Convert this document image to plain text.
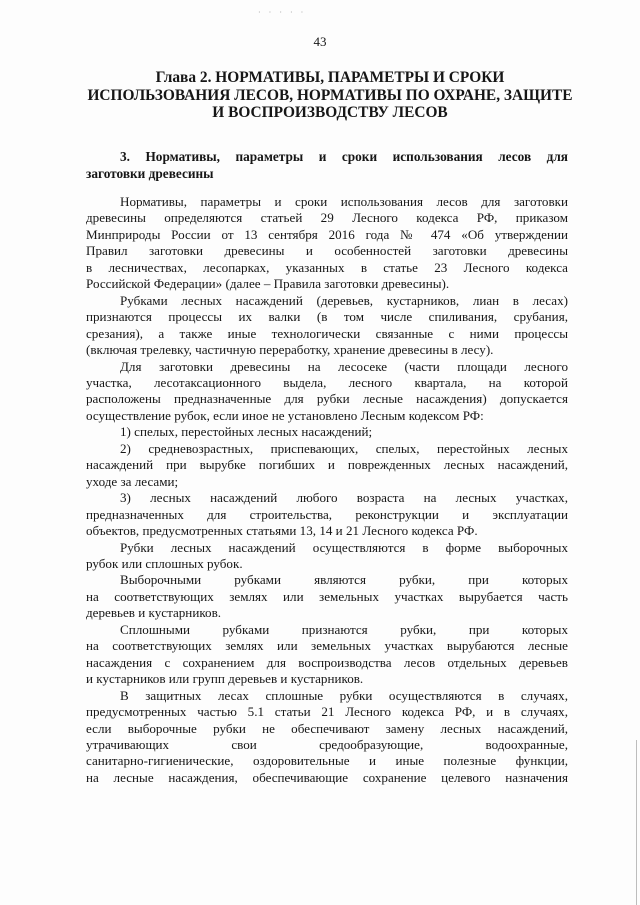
· · · · ·
43
Глава 2. НОРМАТИВЫ, ПАРАМЕТРЫ И СРОКИ
ИСПОЛЬЗОВАНИЯ ЛЕСОВ, НОРМАТИВЫ ПО ОХРАНЕ, ЗАЩИТЕ
И ВОСПРОИЗВОДСТВУ ЛЕСОВ
3. Нормативы, параметры и сроки использования лесов для
заготовки древесины
Нормативы, параметры и сроки использования лесов для заготовки
древесины определяются статьей 29 Лесного кодекса РФ, приказом
Минприроды России от 13 сентября 2016 года № 474 «Об утверждении
Правил заготовки древесины и особенностей заготовки древесины
в лесничествах, лесопарках, указанных в статье 23 Лесного кодекса
Российской Федерации» (далее – Правила заготовки древесины).
Рубками лесных насаждений (деревьев, кустарников, лиан в лесах)
признаются процессы их валки (в том числе спиливания, срубания,
срезания), а также иные технологически связанные с ними процессы
(включая трелевку, частичную переработку, хранение древесины в лесу).
Для заготовки древесины на лесосеке (части площади лесного
участка, лесотаксационного выдела, лесного квартала, на которой
расположены предназначенные для рубки лесные насаждения) допускается
осуществление рубок, если иное не установлено Лесным кодексом РФ:
1) спелых, перестойных лесных насаждений;
2) средневозрастных, приспевающих, спелых, перестойных лесных
насаждений при вырубке погибших и поврежденных лесных насаждений,
уходе за лесами;
3) лесных насаждений любого возраста на лесных участках,
предназначенных для строительства, реконструкции и эксплуатации
объектов, предусмотренных статьями 13, 14 и 21 Лесного кодекса РФ.
Рубки лесных насаждений осуществляются в форме выборочных
рубок или сплошных рубок.
Выборочными рубками являются рубки, при которых
на соответствующих землях или земельных участках вырубается часть
деревьев и кустарников.
Сплошными рубками признаются рубки, при которых
на соответствующих землях или земельных участках вырубаются лесные
насаждения с сохранением для воспроизводства лесов отдельных деревьев
и кустарников или групп деревьев и кустарников.
В защитных лесах сплошные рубки осуществляются в случаях,
предусмотренных частью 5.1 статьи 21 Лесного кодекса РФ, и в случаях,
если выборочные рубки не обеспечивают замену лесных насаждений,
утрачивающих свои средообразующие, водоохранные,
санитарно-гигиенические, оздоровительные и иные полезные функции,
на лесные насаждения, обеспечивающие сохранение целевого назначения
